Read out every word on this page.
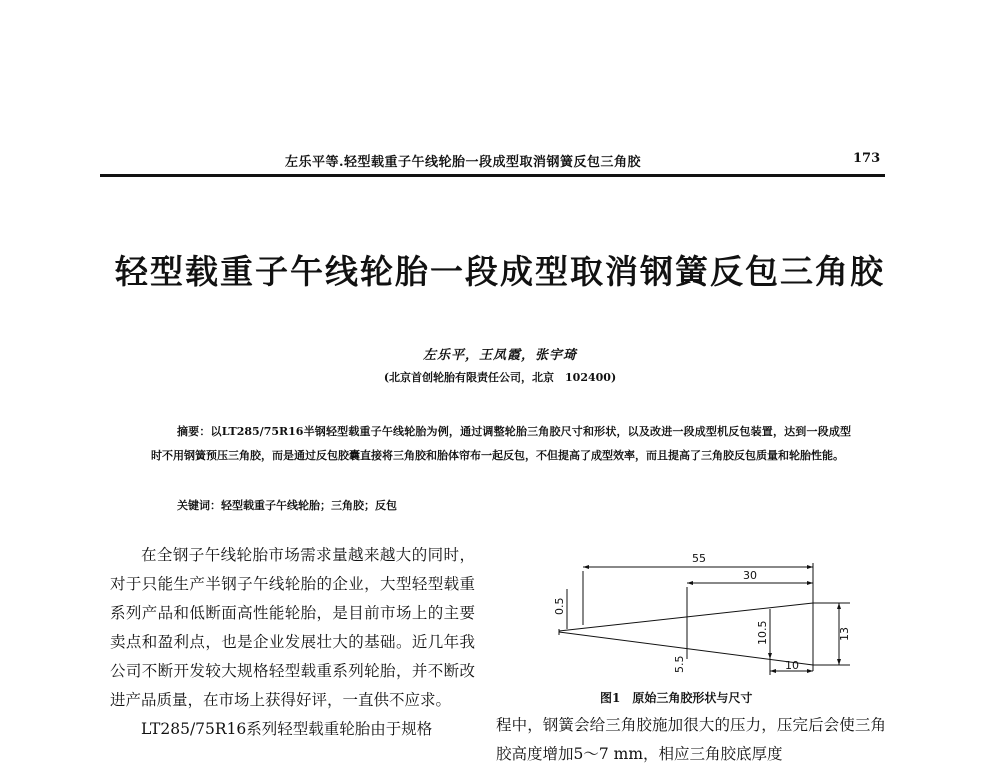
左乐平等.轻型载重子午线轮胎一段成型取消钢簧反包三角胶	173
轻型载重子午线轮胎一段成型取消钢簧反包三角胶
左乐平，王凤霞，张宇琦
(北京首创轮胎有限责任公司，北京　102400)
摘要：以LT285/75R16半钢轻型载重子午线轮胎为例，通过调整轮胎三角胶尺寸和形状，以及改进一段成型机反包装置，达到一段成型时不用钢簧预压三角胶，而是通过反包胶囊直接将三角胶和胎体帘布一起反包，不但提高了成型效率，而且提高了三角胶反包质量和轮胎性能。
关键词：轻型载重子午线轮胎；三角胶；反包

在全钢子午线轮胎市场需求量越来越大的同时，对于只能生产半钢子午线轮胎的企业，大型轻型载重系列产品和低断面高性能轮胎，是目前市场上的主要卖点和盈利点，也是企业发展壮大的基础。近几年我公司不断开发较大规格轻型载重系列轮胎，并不断改进产品质量，在市场上获得好评，一直供不应求。

LT285/75R16系列轻型载重轮胎由于规格

55
30
0.5
10.5	13
5.5	10
图1　原始三角胶形状与尺寸

程中，钢簧会给三角胶施加很大的压力，压完后会使三角胶高度增加5～7 mm，相应三角胶底厚度
